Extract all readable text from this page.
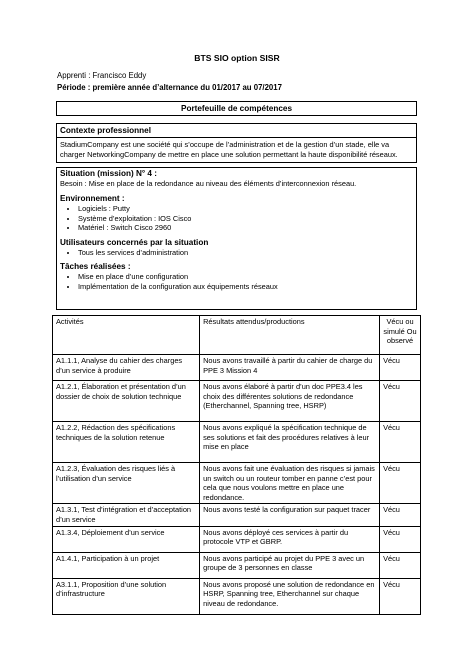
BTS SIO option SISR
Apprenti : Francisco Eddy
Période : première année d’alternance du 01/2017 au 07/2017
Portefeuille de compétences
Contexte professionnel
StadiumCompany est une société qui s’occupe de l’administration et de la gestion d’un stade, elle va charger NetworkingCompany de mettre en place une solution permettant la haute disponibilité réseaux.
Situation (mission) N° 4 :

Besoin : Mise en place de la redondance au niveau des éléments d’interconnexion réseau.

Environnement :
• Logiciels : Putty
• Système d’exploitation : IOS Cisco
• Matériel : Switch Cisco 2960
Utilisateurs concernés par la situation
• Tous les services d’administration
Tâches réalisées :
• Mise en place d’une configuration
• Implémentation de la configuration aux équipements réseaux
Activités	Résultats attendus/productions	Vécu ou simulé Ou observé
A1.1.1, Analyse du cahier des charges d’un service à produire	Nous avons travaillé à partir du cahier de charge du PPE 3 Mission 4	Vécu
A1.2.1, Élaboration et présentation d’un dossier de choix de solution technique	Nous avons élaboré à partir d’un doc PPE3.4 les choix des différentes solutions de redondance (Etherchannel, Spanning tree, HSRP)	Vécu
A1.2.2, Rédaction des spécifications techniques de la solution retenue	Nous avons expliqué la spécification technique de ses solutions et fait des procédures relatives à leur mise en place	Vécu
A1.2.3, Évaluation des risques liés à l’utilisation d’un service	Nous avons fait une évaluation des risques si jamais un switch ou un routeur tomber en panne c’est pour cela que nous voulons mettre en place une redondance.	Vécu
A1.3.1, Test d’intégration et d’acceptation d’un service	Nous avons testé la configuration sur paquet tracer	Vécu
A1.3.4, Déploiement d’un service	Nous avons déployé ces services à partir du protocole VTP et GBRP.	Vécu
A1.4.1, Participation à un projet	Nous avons participé au projet du PPE 3 avec un groupe de 3 personnes en classe	Vécu
A3.1.1, Proposition d’une solution d’infrastructure	Nous avons proposé une solution de redondance en HSRP, Spanning tree, Etherchannel sur chaque niveau de redondance.	Vécu
